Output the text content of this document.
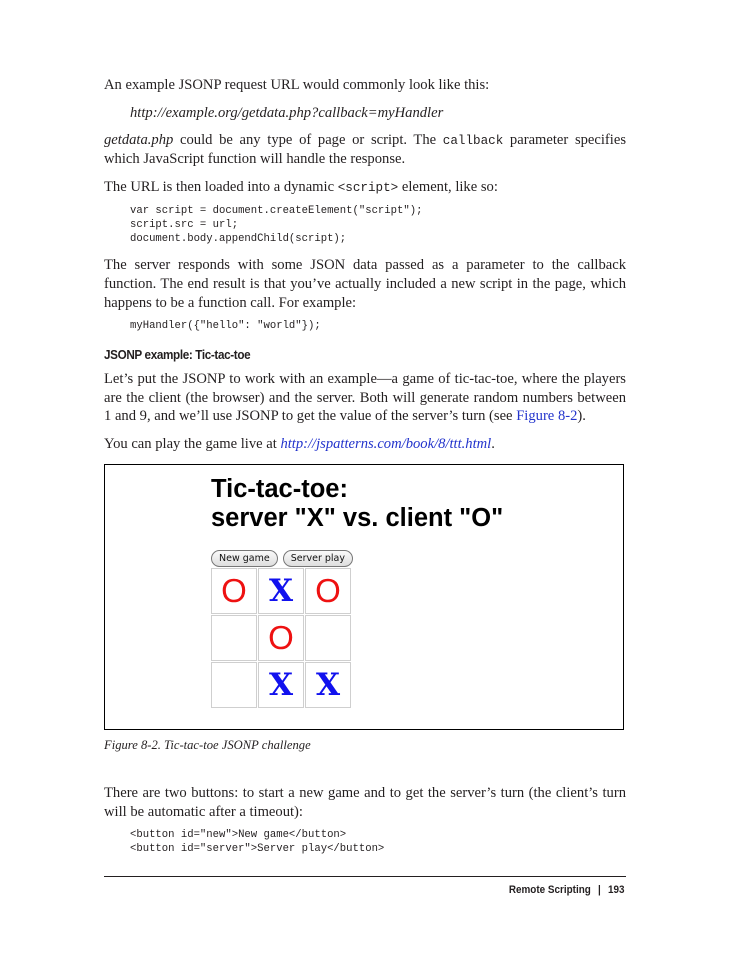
An example JSONP request URL would commonly look like this:

http://example.org/getdata.php?callback=myHandler

getdata.php could be any type of page or script. The callback parameter specifies which JavaScript function will handle the response.

The URL is then loaded into a dynamic <script> element, like so:

var script = document.createElement("script");
script.src = url;
document.body.appendChild(script);

The server responds with some JSON data passed as a parameter to the callback function. The end result is that you’ve actually included a new script in the page, which happens to be a function call. For example:

myHandler({"hello": "world"});
JSONP example: Tic-tac-toe

Let’s put the JSONP to work with an example—a game of tic-tac-toe, where the players are the client (the browser) and the server. Both will generate random numbers between 1 and 9, and we’ll use JSONP to get the value of the server’s turn (see Figure 8-2).

You can play the game live at http://jspatterns.com/book/8/ttt.html.

Tic-tac-toe:
server "X" vs. client "O"
New game	Server play
O X O
O
X X
Figure 8-2. Tic-tac-toe JSONP challenge

There are two buttons: to start a new game and to get the server’s turn (the client’s turn will be automatic after a timeout):

<button id="new">New game</button>
<button id="server">Server play</button>
Remote Scripting | 193
